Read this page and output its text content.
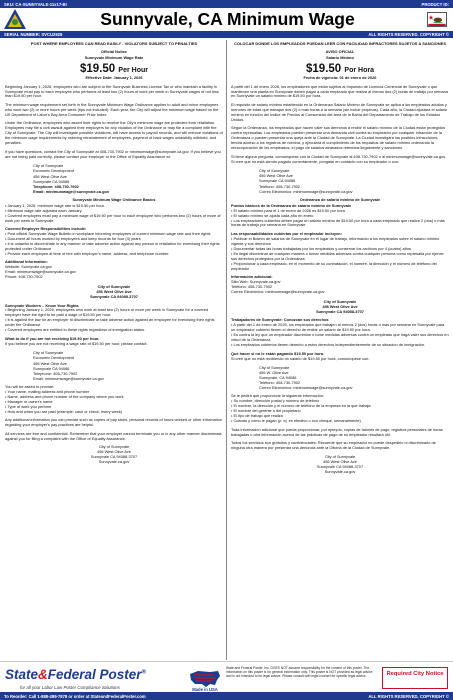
SKU: CA-SUNNYVALE-11x17-BI	PRODUCT ID:
Sunnyvale, CA Minimum Wage
SERIAL NUMBER: SVCU2928	ALL RIGHTS RESERVED. COPYRIGHT ©
POST WHERE EMPLOYEES CAN READ EASILY - VIOLATORS SUBJECT TO PENALTIES
Official Notice
Sunnyvale Minimum Wage Rate
$19.50 Per Hour
Effective Date: January 1, 2026

Beginning January 1, 2026, employees who are subject to the Sunnyvale Business License Tax or who maintain a facility in Sunnyvale must pay to each employee who performs at least two (2) hours of work per week in Sunnyvale wages of not less than $19.50 per hour.

The minimum wage requirement set forth in the Sunnyvale Minimum Wage Ordinance applies to adult and minor employees who work two (2) or more hours per week (tips not included). Each year, the City will adjust the minimum wage based on the US Department of Labor's Bay Area Consumer Price Index.

Under the Ordinance, employees who assert their rights to receive the City's minimum wage are protected from retaliation. Employees may file a civil lawsuit against their employers for any violation of the Ordinance or may file a complaint with the City of Sunnyvale. The City will investigate possible violations, will have access to payroll records, and will enforce violations of the minimum wage requirements by ordering reinstatement of employees, payment of back wages unlawfully withheld, and penalties.

If you have questions, contact the City of Sunnyvale at 408-730-7902 or minimumwage@sunnyvale.ca.gov. If you believe you are not being paid correctly, please contact your employer or the Office of Equality Assurance at:

City of Sunnyvale
Economic Development
456 West Olive Ave
Sunnyvale CA 94086
Telephone: 408-730-7902
Email: minimumwage@sunnyvale.ca.gov
Sunnyvale Minimum Wage Ordinance Basics
• January 1, 2026, minimum wage rate is $19.50 per hour.
• Minimum wage rate adjusted each January.
• Covered employers must pay a minimum wage of $19.50 per hour to each employee who performs two (2) hours or more of work per week in Sunnyvale.
Covered Employer Responsibilities Include:
• Post official Sunnyvale Wage Bulletin in workplace informing employees of current minimum wage rate and their rights
• Document all hours worked by employees and keep records for four (4) years
• It is unlawful to discriminate in any manner or take adverse action against any person in retaliation for exercising their rights protected under Ordinance
• Provide each employee at time of hire with employer's name, address, and telephone number.
Additional Information:
Website: Sunnyvale.ca.gov
Email: minimumwage@sunnyvale.ca.gov
Phone: 408-730-7902
City of Sunnyvale
456 West Olive Ave
Sunnyvale CA 94088-3707
Sunnyvale Workers – Know Your Rights
• Beginning January 1, 2026, employees who work at least two (2) hours or more per week in Sunnyvale for a covered employer have the right to be paid a wage of $19.50 per hour.
• It is against the law for an employer to discriminate or take adverse action against an employee for exercising their rights under the Ordinance
• Covered employees are entitled to these rights regardless of immigration status.
What to do if you are not receiving $19.50 per hour.

If you believe you are not receiving a wage rate of $19.50 per hour, please contact:

City of Sunnyvale
Economic Development
456 West Olive Ave
Sunnyvale CA 94086
Telephone: 408-730-7902
Email: minimumwage@sunnyvale.ca.gov
You will be asked to provide:
• Your name, mailing address and phone number
• Name, address and phone number of the company where you work
• Manager or owner's name
• Type of work you perform
• How and when you are paid (example: cash or check, every week)

Any additional information you can provide such as copies of pay stubs, personal records of hours worked or other information regarding your employer's pay practices are helpful.

All services are free and confidential. Remember that your employer cannot terminate you or in any other manner discriminate against you for filing a complaint with the Office of Equality Assurance.

City of Sunnyvale
456 West Olive Ave
Sunnyvale CA 94088-3707
Sunnyvale.ca.gov
COLOCAR DONDE LOS EMPLEADOS PUEDAN LEER CON FACILIDAD INFRACTORES SUJETOS A SANCIONES
AVISO OFICIAL
Salario Mínimo
$19.50 Por Hora
Fecha de vigencia: 01 de enero de 2026

A partir del 1 de enero 2026, los empleadores que están sujetos al Impuesto de Licencia Comercial de Sunnyvale o que mantienen una planta en Sunnyvale deben pagar a cada empleado que realiza al menos dos (2) horas de trabajo por semana en Sunnyvale un salario mínimo de $19.50 por hora.

El requisito de salario mínimo establecido en la Ordenanza Salario Mínimo de Sunnyvale se aplica a los empleados adultos y menores de edad que trabajan dos (2) o más horas a la semana (sin incluir propinas). Cada año, la Ciudad ajustará el salario mínimo en función del Índice de Precios al Consumidor del área de la Bahía del Departamento de Trabajo de los Estados Unidos.

Según la Ordenanza, los empleados que hacen valer sus derechos a recibir el salario mínimo de la Ciudad están protegidos contra represalias. Los empleados pueden presentar una demanda civil contra su empleador por cualquier infracción de la Ordenanza o pueden presentar una queja ante la Ciudad de Sunnyvale. La Ciudad investigará las posibles infracciones, tendrá acceso a los registros de nómina, y ejecutará el cumplimiento de los requisitos de salario mínimo ordenando la reincorporación de los empleados, el pago de salarios atrasados retenidos ilegalmente y sanciones.

Si tiene alguna pregunta, comuníquese con la Ciudad de Sunnyvale al 408-730-7902 o al minimumwage@sunnyvale.ca.gov. Si cree que no está siendo pagado correctamente, póngase en contacto con su empleador o con:

City of Sunnyvale
456 West Olive Ave
Sunnyvale CA 94086
Teléfono: 408-730-7902
Correo Electrónico: minimumwage@sunnyvale.ca.gov
Ordenanza de salario mínimo de Sunnyvale
Puntos básicos de la Ordenanza de salario mínimo de Sunnyvale
• El salario mínimo para el 1 de enero de 2026 es $19.50 por hora
• El salario mínimo se ajusta cada año en enero
• Los empleadores cubiertos deben pagar un salario mínimo de $19.50 por hora a cada empleado que realice 2 (dos) o más horas de trabajo por semana en Sunnyvale
Las responsabilidades cubiertas por el empleador incluyen:
• Publicar el Boletín de salarios de Sunnyvale en el lugar de trabajo, informando a los empleados sobre el salario mínimo vigente y sus derechos
• Documentar todas las horas trabajadas por los empleados y conservar los archivos por 4 (cuatro) años
• Es ilegal discriminar de cualquier manera o tomar medidas adversas contra cualquier persona como represalia por ejercer sus derechos protegidos por la Ordenanza
• Proporcionar a cada empleado, en el momento de su contratación, el nombre, la dirección y el número de teléfono del empleador
Información adicional:
Sitio Web: Sunnyvale.ca.gov
Teléfono: 408-730-7902
Correo Electrónico: minimumwage@sunnyvale.ca.gov
City of Sunnyvale
456 West Olive Ave
Sunnyvale CA 94088-3707
Trabajadores de Sunnyvale: Conozcan sus derechos
• A partir del 1 de enero de 2026, los empleados que trabajen al menos 2 (dos) horas o más por semana en Sunnyvale para un empleador cubierto tienen el derecho de recibir un salario de $19.50 por hora.
• Es contra la ley que un empleador discrimine o tome medidas adversas contra un empleado que haga valer sus derechos en virtud de la Ordenanza
• Los empleados cubiertos tienen derecho a estos derechos independientemente de su situación de inmigración.
Qué hacer si no le están pagando $19.50 por hora.

Si cree que no está recibiendo un salario de $19.50 por hora, comuníquese con:

City of Sunnyvale
456 W. Olive Ave
Sunnyvale, CA 94086
Teléfono: 408-730-7902
Correo Electrónico: minimumwage@sunnyvale.ca.gov
Se le pedirá que proporcione la siguiente información:
• Su nombre, dirección postal y número de teléfono
• El nombre, la dirección y el número de teléfono de la empresa en la que trabaja
• El nombre del gerente o del propietario
• El tipo de trabajo que realiza
• Cuándo y cómo le pagan (p. ej. en efectivo o con cheque, semanalmente)

Toda información adicional que pueda proporcionar, por ejemplo, copias de talones de pago, registros personales de horas trabajadas u otra información acerca de las prácticas de pago de su empleador resultará útil.

Todos los servicios son gratuitos y confidenciales. Recuerde que su empleador no puede despedirlo ni discriminarlo de ninguna otra manera por presentar una denuncia ante la Oficina de la Ciudad de Sunnyvale.

City of Sunnyvale
456 West Olive Ave
Sunnyvale CA 94088-3707
Sunnyvale.ca.gov
State&Federal Poster®
for all your Labor Law Poster Compliance Solutions	Made in USA
State and Federal Poster, Inc. DOES NOT assume responsibility for the content of this poster. The information on this poster is for general information only. This poster is NOT provided as legal advice and is not intended to be legal advice. Please consult with legal counsel for specific legal advice.	Required City Notice
To Reorder: Call 1-888-489-7878 or order at StateandFederalPoster.com	ALL RIGHTS RESERVED. COPYRIGHT ©
